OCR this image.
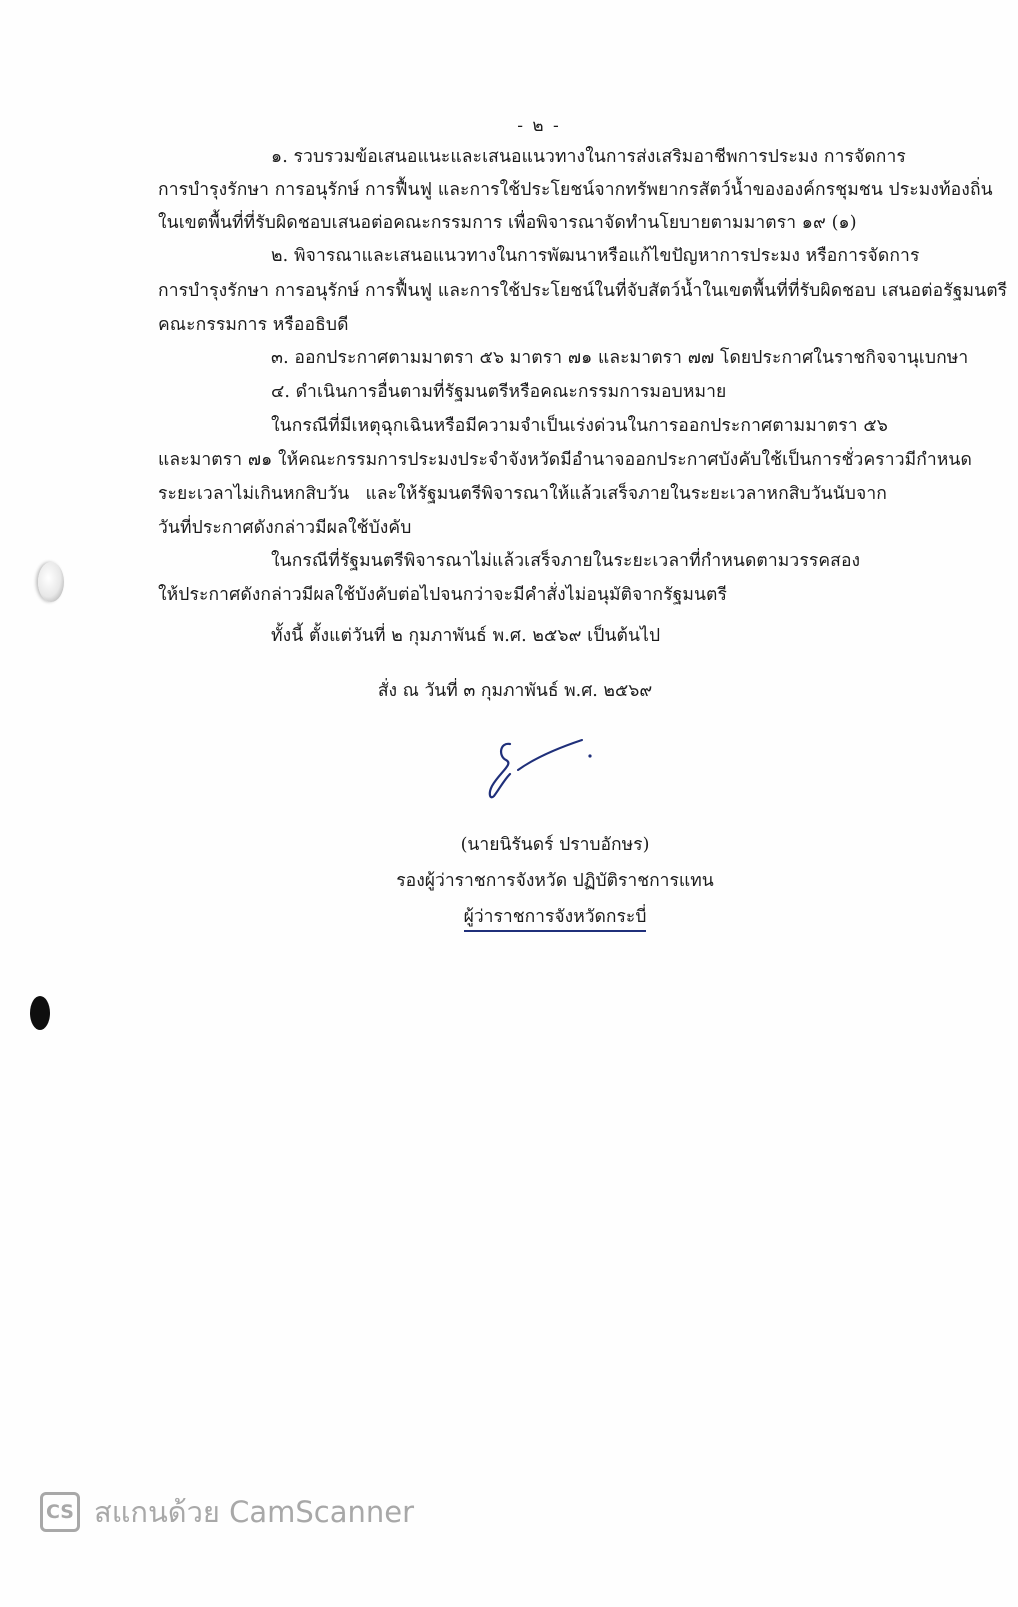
- ๒ -
๑. รวบรวมข้อเสนอแนะและเสนอแนวทางในการส่งเสริมอาชีพการประมง การจัดการ
การบำรุงรักษา การอนุรักษ์ การฟื้นฟู และการใช้ประโยชน์จากทรัพยากรสัตว์น้ำขององค์กรชุมชน ประมงท้องถิ่น
ในเขตพื้นที่ที่รับผิดชอบเสนอต่อคณะกรรมการ เพื่อพิจารณาจัดทำนโยบายตามมาตรา ๑๙ (๑)
๒. พิจารณาและเสนอแนวทางในการพัฒนาหรือแก้ไขปัญหาการประมง หรือการจัดการ
การบำรุงรักษา การอนุรักษ์ การฟื้นฟู และการใช้ประโยชน์ในที่จับสัตว์น้ำในเขตพื้นที่ที่รับผิดชอบ เสนอต่อรัฐมนตรี
คณะกรรมการ หรืออธิบดี
๓. ออกประกาศตามมาตรา ๕๖ มาตรา ๗๑ และมาตรา ๗๗ โดยประกาศในราชกิจจานุเบกษา
๔. ดำเนินการอื่นตามที่รัฐมนตรีหรือคณะกรรมการมอบหมาย
ในกรณีที่มีเหตุฉุกเฉินหรือมีความจำเป็นเร่งด่วนในการออกประกาศตามมาตรา ๕๖
และมาตรา ๗๑ ให้คณะกรรมการประมงประจำจังหวัดมีอำนาจออกประกาศบังคับใช้เป็นการชั่วคราวมีกำหนด
ระยะเวลาไม่เกินหกสิบวัน และให้รัฐมนตรีพิจารณาให้แล้วเสร็จภายในระยะเวลาหกสิบวันนับจาก
วันที่ประกาศดังกล่าวมีผลใช้บังคับ
ในกรณีที่รัฐมนตรีพิจารณาไม่แล้วเสร็จภายในระยะเวลาที่กำหนดตามวรรคสอง
ให้ประกาศดังกล่าวมีผลใช้บังคับต่อไปจนกว่าจะมีคำสั่งไม่อนุมัติจากรัฐมนตรี
ทั้งนี้ ตั้งแต่วันที่ ๒ กุมภาพันธ์ พ.ศ. ๒๕๖๙ เป็นต้นไป
สั่ง ณ วันที่ ๓ กุมภาพันธ์ พ.ศ. ๒๕๖๙
(นายนิรันดร์ ปราบอักษร)
รองผู้ว่าราชการจังหวัด ปฏิบัติราชการแทน
ผู้ว่าราชการจังหวัดกระบี่
CS สแกนด้วย CamScanner
